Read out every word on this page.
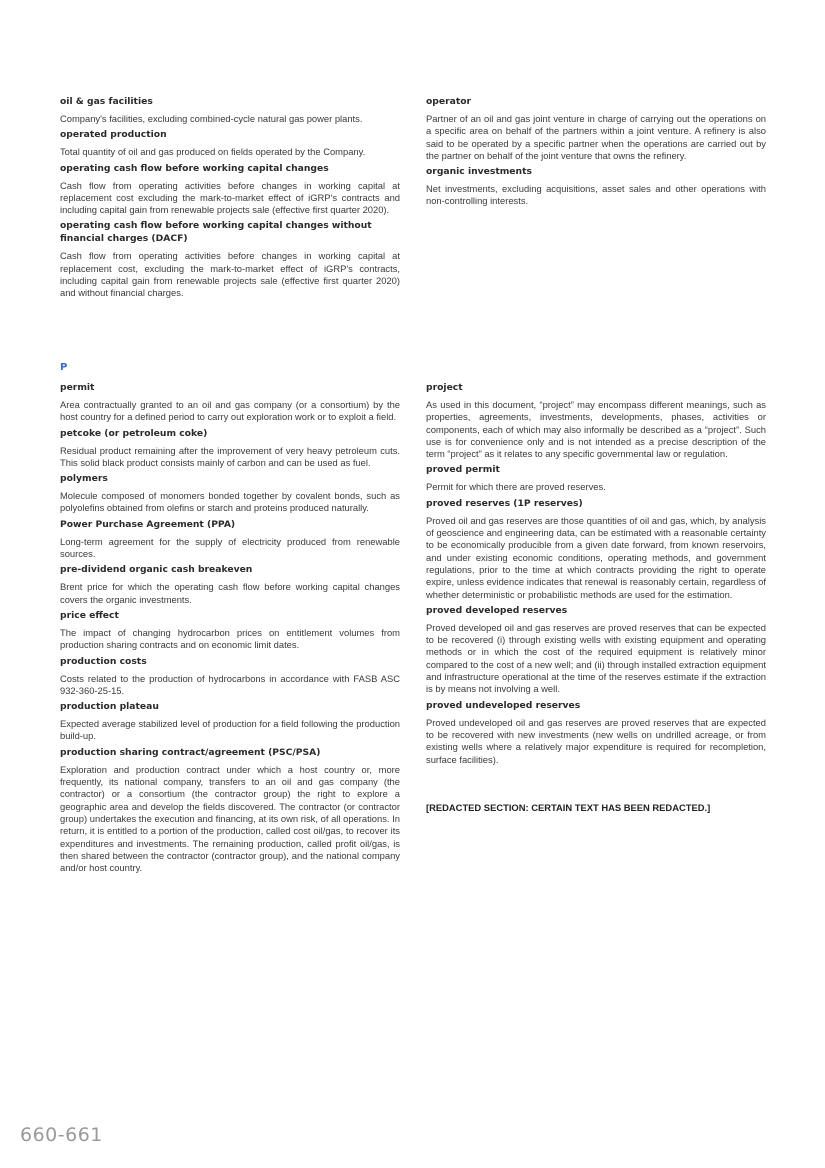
oil & gas facilities

Company's facilities, excluding combined-cycle natural gas power plants.

operated production

Total quantity of oil and gas produced on fields operated by the Company.

operating cash flow before working capital changes

Cash flow from operating activities before changes in working capital at replacement cost excluding the mark-to-market effect of iGRP's contracts and including capital gain from renewable projects sale (effective first quarter 2020).

operating cash flow before working capital changes without financial charges (DACF)

Cash flow from operating activities before changes in working capital at replacement cost, excluding the mark-to-market effect of iGRP's contracts, including capital gain from renewable projects sale (effective first quarter 2020) and without financial charges.

operator

Partner of an oil and gas joint venture in charge of carrying out the operations on a specific area on behalf of the partners within a joint venture. A refinery is also said to be operated by a specific partner when the operations are carried out by the partner on behalf of the joint venture that owns the refinery.

organic investments

Net investments, excluding acquisitions, asset sales and other operations with non-controlling interests.

P

permit

Area contractually granted to an oil and gas company (or a consortium) by the host country for a defined period to carry out exploration work or to exploit a field.

petcoke (or petroleum coke)

Residual product remaining after the improvement of very heavy petroleum cuts. This solid black product consists mainly of carbon and can be used as fuel.

polymers

Molecule composed of monomers bonded together by covalent bonds, such as polyolefins obtained from olefins or starch and proteins produced naturally.

Power Purchase Agreement (PPA)

Long-term agreement for the supply of electricity produced from renewable sources.

pre-dividend organic cash breakeven

Brent price for which the operating cash flow before working capital changes covers the organic investments.

price effect

The impact of changing hydrocarbon prices on entitlement volumes from production sharing contracts and on economic limit dates.

production costs

Costs related to the production of hydrocarbons in accordance with FASB ASC 932-360-25-15.

production plateau

Expected average stabilized level of production for a field following the production build-up.

production sharing contract/agreement (PSC/PSA)

Exploration and production contract under which a host country or, more frequently, its national company, transfers to an oil and gas company (the contractor) or a consortium (the contractor group) the right to explore a geographic area and develop the fields discovered. The contractor (or contractor group) undertakes the execution and financing, at its own risk, of all operations. In return, it is entitled to a portion of the production, called cost oil/gas, to recover its expenditures and investments. The remaining production, called profit oil/gas, is then shared between the contractor (contractor group), and the national company and/or host country.

project

As used in this document, “project” may encompass different meanings, such as properties, agreements, investments, developments, phases, activities or components, each of which may also informally be described as a “project”. Such use is for convenience only and is not intended as a precise description of the term “project” as it relates to any specific governmental law or regulation.

proved permit

Permit for which there are proved reserves.

proved reserves (1P reserves)

Proved oil and gas reserves are those quantities of oil and gas, which, by analysis of geoscience and engineering data, can be estimated with a reasonable certainty to be economically producible from a given date forward, from known reservoirs, and under existing economic conditions, operating methods, and government regulations, prior to the time at which contracts providing the right to operate expire, unless evidence indicates that renewal is reasonably certain, regardless of whether deterministic or probabilistic methods are used for the estimation.

proved developed reserves

Proved developed oil and gas reserves are proved reserves that can be expected to be recovered (i) through existing wells with existing equipment and operating methods or in which the cost of the required equipment is relatively minor compared to the cost of a new well; and (ii) through installed extraction equipment and infrastructure operational at the time of the reserves estimate if the extraction is by means not involving a well.

proved undeveloped reserves

Proved undeveloped oil and gas reserves are proved reserves that are expected to be recovered with new investments (new wells on undrilled acreage, or from existing wells where a relatively major expenditure is required for recompletion, surface facilities).

[REDACTED SECTION: CERTAIN TEXT HAS BEEN REDACTED.]
660-661
